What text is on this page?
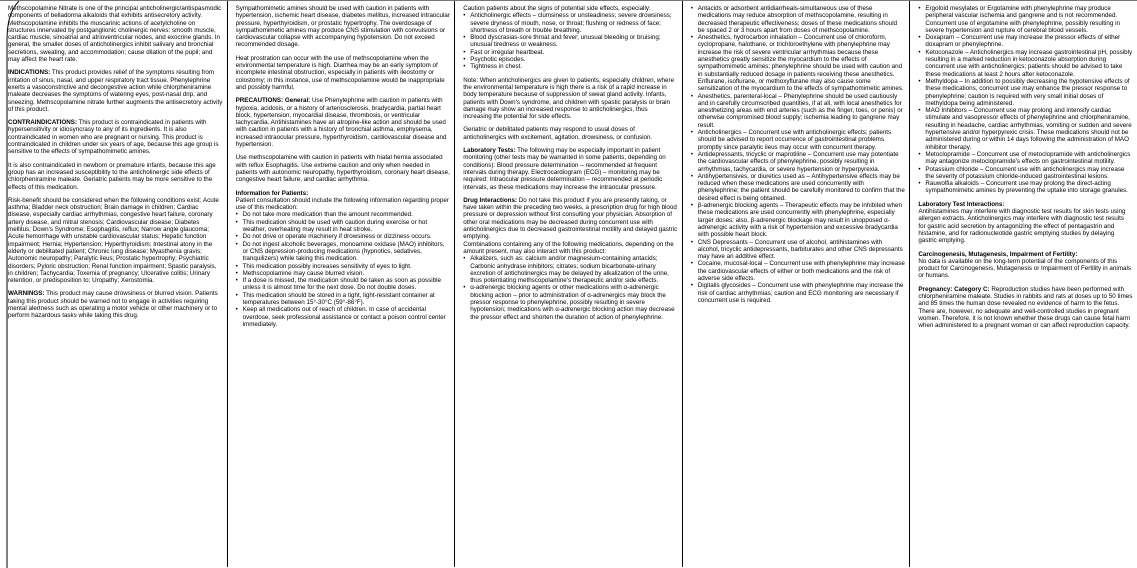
Methscopolamine Nitrate is one of the principal anticholinergic/antispasmodic components of belladonna alkaloids that exhibits antisecretory activity. Methscopolamine inhibits the muscarinic actions of acetylcholine on structures innervated by postganglionic cholinergic nerves: smooth muscle, cardiac muscle, sinoatrial and atrioventricular nodes, and exocrine glands. In general, the smaller doses of anticholinergics inhibit salivary and bronchial secretions, sweating, and accommodation; cause dilation of the pupil; and may affect the heart rate.

INDICATIONS: This product provides relief of the symptoms resulting from irritation of sinus, nasal, and upper respiratory tract tissue. Phenylephrine exerts a vasoconstrictive and decongestive action while chlorpheniramine maleate decreases the symptoms of watering eyes, post-nasal drip, and sneezing. Methscopolamine nitrate further augments the antisecretory activity of this product.

CONTRAINDICATIONS: This product is contraindicated in patients with hypersensitivity or idiosyncrasy to any of its ingredients. It is also contraindicated in women who are pregnant or nursing. This product is contraindicated in children under six years of age, because this age group is sensitive to the effects of sympathomimetic amines.

It is also contraindicated in newborn or premature infants, because this age group has an increased susceptibility to the anticholinergic side effects of chlorpheniramine maleate. Geriatric patients may be more sensitive to the effects of this medication.

Risk-benefit should be considered when the following conditions exist: Acute asthma; Bladder neck obstruction; Brain damage in children; Cardiac disease, especially cardiac arrhythmias, congestive heart failure, coronary artery disease, and mitral stenosis; Cardiovascular disease; Diabetes mellitus; Down's Syndrome; Esophagitis, reflux; Narrow angle glaucoma; Acute hemorrhage with unstable cardiovascular status; Hepatic function impairment; Hernia; Hypertension; Hyperthyroidism; Intestinal atony in the elderly or debilitated patient; Chronic lung disease; Myasthenia gravis; Autonomic neuropathy; Paralytic ileus; Prostatic hypertrophy; Psychiatric disorders; Pyloric obstruction; Renal function impairment; Spastic paralysis, in children; Tachycardia; Toxemia of pregnancy; Ulcerative colitis; Urinary retention, or predisposition to; Uropathy; Xerostomia.

WARNINGS: This product may cause drowsiness or blurred vision. Patients taking this product should be warned not to engage in activities requiring mental alertness such as operating a motor vehicle or other machinery or to perform hazardous tasks while taking this drug.

Sympathomimetic amines should be used with caution in patients with hypertension, ischemic heart disease, diabetes mellitus, increased intraocular pressure, hyperthyroidism, or prostatic hypertrophy. The overdosage of sympathomimetic amines may produce CNS stimulation with convulsions or cardiovascular collapse with accompanying hypotension. Do not exceed recommended dosage.

Heat prostration can occur with the use of methscopolamine when the environmental temperature is high. Diarrhea may be an early symptom of incomplete intestinal obstruction, especially in patients with ileostomy or colostomy; in this instance, use of methscopolamine would be inappropriate and possibly harmful.

PRECAUTIONS: General: Use Phenylephrine with caution in patients with hypoxia, acidosis, or a history of arteriosclerosis, bradycardia, partial heart block, hypertension, myocardial disease, thrombosis, or ventricular tachycardia. Antihistamines have an atropine-like action and should be used with caution in patients with a history of bronchial asthma, emphysema, increased intraocular pressure, hyperthyroidism, cardiovascular disease and hypertension.

Use methscopolamine with caution in patients with hiatal hernia associated with reflux Esophagitis. Use extreme caution and only when needed in patients with autonomic neuropathy, hyperthyroidism, coronary heart disease, congestive heart failure, and cardiac arrhythmia.

Information for Patients:
Patient consultation should include the following information regarding proper use of this medication:

• Do not take more medication than the amount recommended.
• This medication should be used with caution during exercise or hot weather, overheating may result in heat stroke.
• Do not drive or operate machinery if drowsiness or dizziness occurs.
• Do not ingest alcoholic beverages, monoamine oxidase (MAO) inhibitors, or CNS depression-producing medications (hypnotics, sedatives, tranquilizers) while taking this medication.
• This medication possibly increases sensitivity of eyes to light.
• Methscopolamine may cause blurred vision.
• If a dose is missed, the medication should be taken as soon as possible unless it is almost time for the next dose. Do not double doses.
• This medication should be stored in a tight, light-resistant container at temperatures between 15°-30°C (59°-86°F).
• Keep all medications out of reach of children. In case of accidental overdose, seek professional assistance or contact a poison control center immediately.

Caution patients about the signs of potential side effects, especially:

• Anticholinergic effects – clumsiness or unsteadiness; severe drowsiness; severe dryness of mouth, nose, or throat; flushing or redness of face; shortness of breath or trouble breathing.
• Blood dyscrasias-sore throat and fever; unusual bleeding or bruising; unusual tiredness or weakness.
• Fast or irregular heartbeat.
• Psychotic episodes.
• Tightness in chest.

Note: When anticholinergics are given to patients, especially children, where the environmental temperature is high there is a risk of a rapid increase in body temperature because of suppression of sweat gland activity. Infants, patients with Down's syndrome, and children with spastic paralysis or brain damage may show an increased response to anticholinergics, thus increasing the potential for side effects.

Geriatric or debilitated patients may respond to usual doses of anticholinergics with excitement, agitation, drowsiness, or confusion.

Laboratory Tests: The following may be especially important in patient monitoring (other tests may be warranted in some patients, depending on conditions): Blood pressure determination – recommended at frequent intervals during therapy. Electrocardiogram (ECG) – monitoring may be required: Intraocular pressure determination – recommended at periodic intervals, as these medications may increase the intraocular pressure.

Drug Interactions: Do not take this product if you are presently taking, or have taken within the preceding two weeks, a prescription drug for high blood pressure or depression without first consulting your physician. Absorption of other oral medications may be decreased during concurrent use with anticholinergics due to decreased gastrointestinal motility and delayed gastric emptying.

Combinations containing any of the following medications, depending on the amount present, may also interact with this product:

• Alkalizers, such as: calcium and/or magnesium-containing antacids; Carbonic anhydrase inhibitors; citrates; sodium bicarbonate-urinary excretion of anticholinergics may be delayed by alkalization of the urine, thus potentiating methscopolamine's therapeutic and/or side effects.
• α-adrenergic blocking agents or other medications with α-adrenergic blocking action – prior to administration of α-adrenergics may block the pressor response to phenylephrine, possibly resulting in severe hypotension; medications with α-adrenergic blocking action may decrease the pressor effect and shorten the duration of action of phenylephrine.
• Antacids or adsorbent antidiarrheals-simultaneous use of these medications may reduce absorption of methscopolamine, resulting in decreased therapeutic effectiveness; doses of these medications should be spaced 2 or 3 hours apart from doses of methscopolamine.
• Anesthetics, hydrocarbon inhalation – Concurrent use of chloroform, cyclopropane, halothane, or trichloroethylene with phenylephrine may increase the risk of severe ventricular arrhythmias because these anesthetics greatly sensitize the myocardium to the effects of sympathomimetic amines; phenylephrine should be used with caution and in substantially reduced dosage in patients receiving these anesthetics. Enflurane, isoflurane, or methoxyflurane may also cause some sensitization of the myocardium to the effects of sympathomimetic amines.
• Anesthetics, parenteral-local – Phenylephrine should be used cautiously and in carefully circumscribed quantities, if at all, with local anesthetics for anesthetizing areas with end arteries (such as the finger, toes, or penis) or otherwise compromised blood supply; ischemia leading to gangrene may result.
• Anticholinergics – Concurrent use with anticholinergic effects; patients should be advised to report occurrence of gastrointestinal problems promptly since paralytic ileus may occur with concurrent therapy.
• Antidepressants, tricyclic or maprotiline – Concurrent use may potentiate the cardiovascular effects of phenylephrine, possibly resulting in arrhythmias, tachycardia, or severe hypertension or hyperpyrexia.
• Antihypertensives, or diuretics used as – Antihypertensive effects may be reduced when these medications are used concurrently with phenylephrine; the patient should be carefully monitored to confirm that the desired effect is being obtained.
• β-adrenergic blocking agents – Therapeutic effects may be inhibited when these medications are used concurrently with phenylephrine, especially larger doses; also, β-adrenergic blockage may result in unopposed α-adrenergic activity with a risk of hypertension and excessive bradycardia with possible heart block.
• CNS Depressants – Concurrent use of alcohol, antihistamines with alcohol, tricyclic antidepressants, barbiturates and other CNS depressants may have an additive effect.
• Cocaine, mucosal-local – Concurrent use with phenylephrine may increase the cardiovascular effects of either or both medications and the risk of adverse side effects.
• Digitalis glycosides – Concurrent use with phenylephrine may increase the risk of cardiac arrhythmias; caution and ECG monitoring are necessary if concurrent use is required.
• Ergoloid mesylates or Ergotamine with phenylephrine may produce peripheral vascular ischemia and gangrene and is not recommended. Concurrent use of ergotamine with phenylephrine, possibly resulting in severe hypertension and rupture of cerebral blood vessels.
• Doxapram – Concurrent use may increase the pressor effects of either doxapram or phenylephrine.
• Ketoconazole – Anticholinergics may increase gastrointestinal pH, possibly resulting in a marked reduction in ketoconazole absorption during concurrent use with anticholinergics; patients should be advised to take these medications at least 2 hours after ketoconazole.
• Methyldopa – In addition to possibly decreasing the hypotensive effects of these medications, concurrent use may enhance the pressor response to phenylephrine; caution is required with very small initial doses of methyldopa being administered.
• MAO Inhibitors – Concurrent use may prolong and intensify cardiac stimulate and vasopressor effects of phenylephrine and chlorpheniramine, resulting in headache, cardiac arrhythmias, vomiting or sudden and severe hypertensive and/or hyperpyrexic crisis. These medications should not be administered during or within 14 days following the administration of MAO inhibitor therapy.
• Metoclopramide – Concurrent use of metoclopramide with anticholinergics may antagonize metoclopramide's effects on gastrointestinal motility.
• Potassium chloride – Concurrent use with anticholinergics may increase the severity of potassium chloride-induced gastrointestinal lesions.
• Rauwolfia alkaloids – Concurrent use may prolong the direct-acting sympathomimetic amines by preventing the uptake into storage granules.

Laboratory Test Interactions:
Antihistamines may interfere with diagnostic test results for skin tests using allergen extracts. Anticholinergics may interfere with diagnostic test results for gastric acid secretion by antagonizing the effect of pentagastrin and histamine, and for radionucleotide gastric emptying studies by delaying gastric emptying.

Carcinogenesis, Mutagenesis, Impairment of Fertility:
No data is available on the long-term potential of the components of this product for Carcinogenesis, Mutagenesis or Impairment of Fertility in animals or humans.

Pregnancy: Category C: Reproduction studies have been performed with chlorpheniramine maleate. Studies in rabbits and rats at doses up to 50 times and 85 times the human dose revealed no evidence of harm to the fetus. There are, however, no adequate and well-controlled studies in pregnant women. Therefore, it is not known whether these drugs can cause fetal harm when administered to a pregnant woman or can affect reproduction capacity.
